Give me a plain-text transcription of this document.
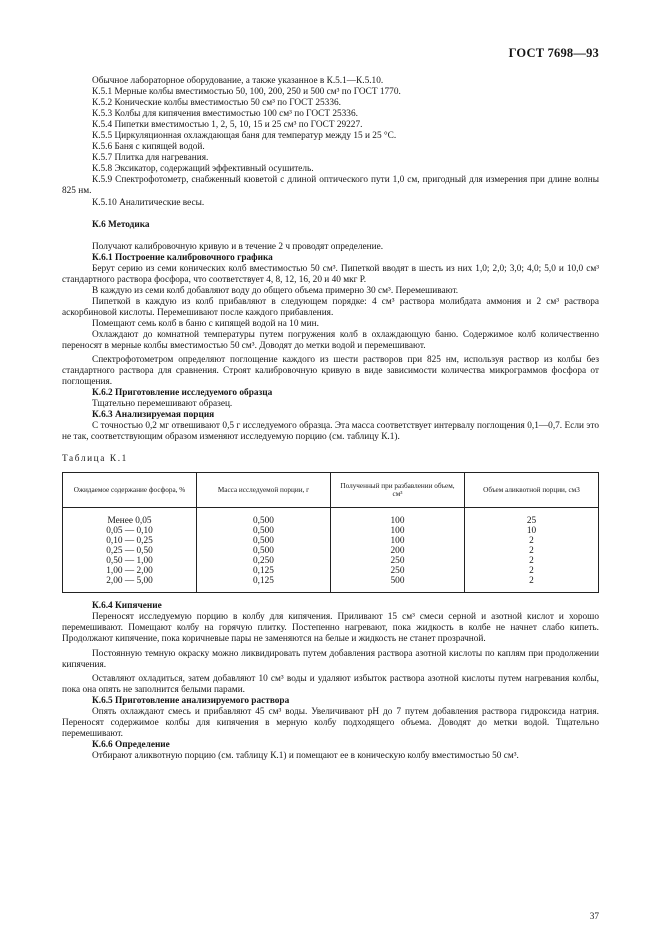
ГОСТ 7698—93

Обычное лабораторное оборудование, а также указанное в К.5.1—К.5.10.

К.5.1 Мерные колбы вместимостью 50, 100, 200, 250 и 500 см³ по ГОСТ 1770.

К.5.2 Конические колбы вместимостью 50 см³ по ГОСТ 25336.

К.5.3 Колбы для кипячения вместимостью 100 см³ по ГОСТ 25336.

К.5.4 Пипетки вместимостью 1, 2, 5, 10, 15 и 25 см³ по ГОСТ 29227.

К.5.5 Циркуляционная охлаждающая баня для температур между 15 и 25 °С.

К.5.6 Баня с кипящей водой.

К.5.7 Плитка для нагревания.

К.5.8 Эксикатор, содержащий эффективный осушитель.

К.5.9 Спектрофотометр, снабженный кюветой с длиной оптического пути 1,0 см, пригодный для измерения при длине волны 825 нм.

К.5.10 Аналитические весы.

К.6 Методика

Получают калибровочную кривую и в течение 2 ч проводят определение.

К.6.1 Построение калибровочного графика

Берут серию из семи конических колб вместимостью 50 см³. Пипеткой вводят в шесть из них 1,0; 2,0; 3,0; 4,0; 5,0 и 10,0 см³ стандартного раствора фосфора, что соответствует 4, 8, 12, 16, 20 и 40 мкг Р.

В каждую из семи колб добавляют воду до общего объема примерно 30 см³. Перемешивают.

Пипеткой в каждую из колб прибавляют в следующем порядке: 4 см³ раствора молибдата аммония и 2 см³ раствора аскорбиновой кислоты. Перемешивают после каждого прибавления.

Помещают семь колб в баню с кипящей водой на 10 мин.

Охлаждают до комнатной температуры путем погружения колб в охлаждающую баню. Содержимое колб количественно переносят в мерные колбы вместимостью 50 см³. Доводят до метки водой и перемешивают.

Спектрофотометром определяют поглощение каждого из шести растворов при 825 нм, используя раствор из колбы без стандартного раствора для сравнения. Строят калибровочную кривую в виде зависимости количества микрограммов фосфора от поглощения.

К.6.2 Приготовление исследуемого образца

Тщательно перемешивают образец.

К.6.3 Анализируемая порция

С точностью 0,2 мг отвешивают 0,5 г исследуемого образца. Эта масса соответствует интервалу поглощения 0,1—0,7. Если это не так, соответствующим образом изменяют исследуемую порцию (см. таблицу К.1).

Таблица К.1

Ожидаемое содержание фосфора, %	Масса исследуемой порции, г	Полученный при разбавлении объем, см³	Объем аликвотной порции, см3
Менее 0,05	0,500	100	25
0,05 — 0,10	0,500	100	10
0,10 — 0,25	0,500	100	2
0,25 — 0,50	0,500	200	2
0,50 — 1,00	0,250	250	2
1,00 — 2,00	0,125	250	2
2,00 — 5,00	0,125	500	2

К.6.4 Кипячение

Переносят исследуемую порцию в колбу для кипячения. Приливают 15 см³ смеси серной и азотной кислот и хорошо перемешивают. Помещают колбу на горячую плитку. Постепенно нагревают, пока жидкость в колбе не начнет слабо кипеть. Продолжают кипячение, пока коричневые пары не заменяются на белые и жидкость не станет прозрачной.

Постоянную темную окраску можно ликвидировать путем добавления раствора азотной кислоты по каплям при продолжении кипячения.

Оставляют охладиться, затем добавляют 10 см³ воды и удаляют избыток раствора азотной кислоты путем нагревания колбы, пока она опять не заполнится белыми парами.

К.6.5 Приготовление анализируемого раствора

Опять охлаждают смесь и прибавляют 45 см³ воды. Увеличивают pH до 7 путем добавления раствора гидроксида натрия. Переносят содержимое колбы для кипячения в мерную колбу подходящего объема. Доводят до метки водой. Тщательно перемешивают.

К.6.6 Определение

Отбирают аликвотную порцию (см. таблицу К.1) и помещают ее в коническую колбу вместимостью 50 см³.

37
